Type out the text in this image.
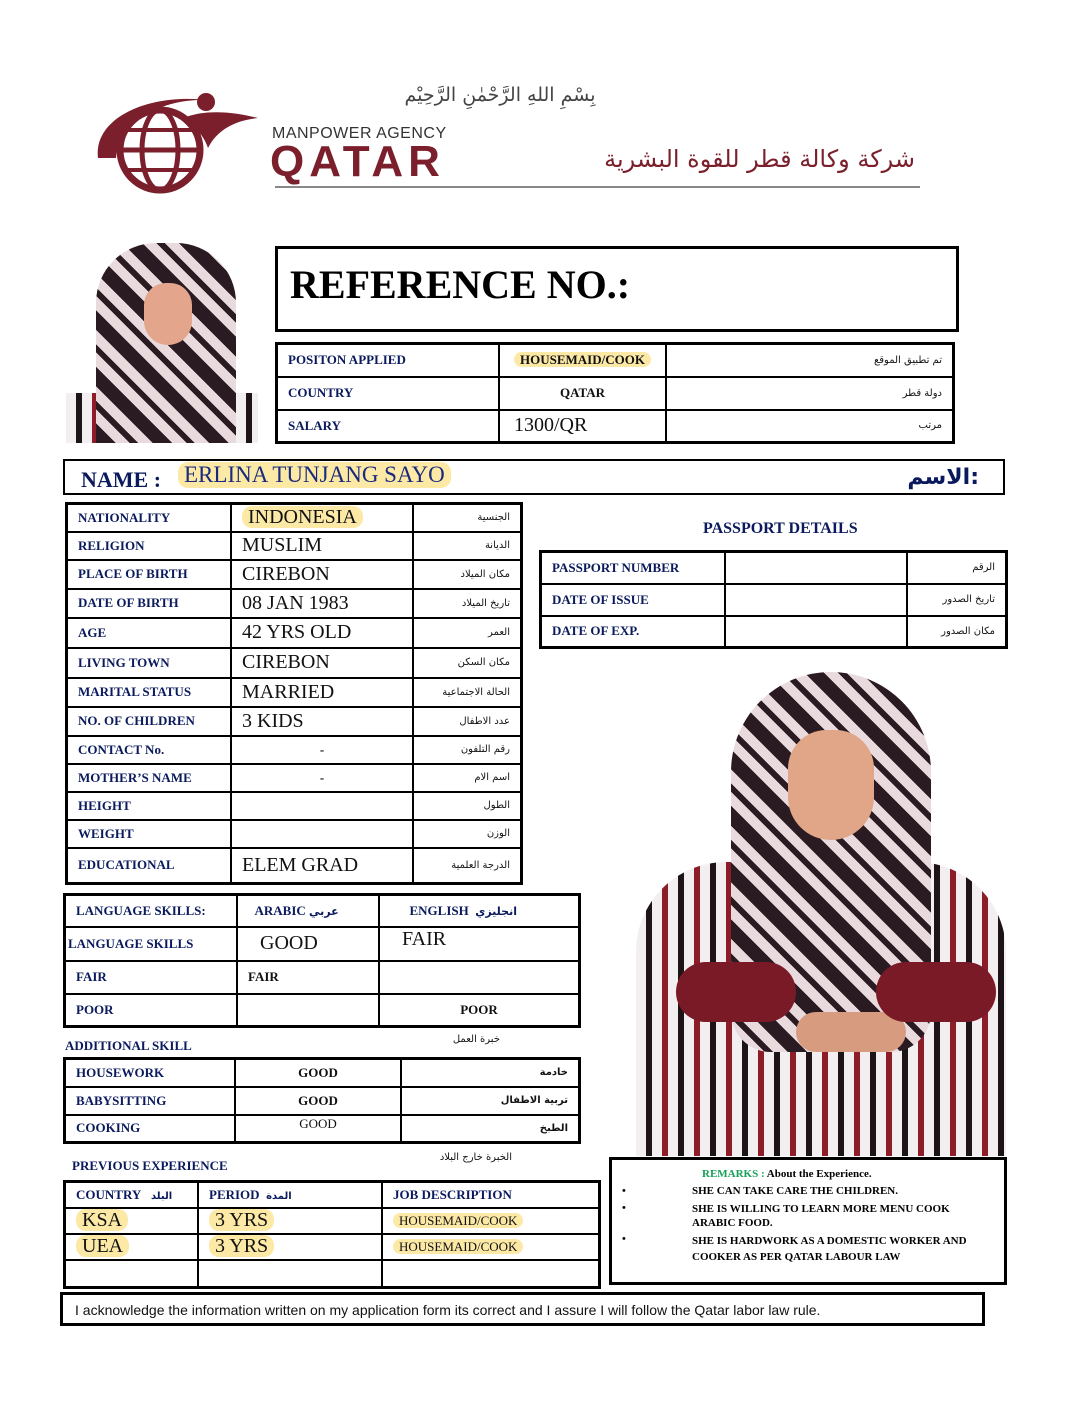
بِسْمِ اللهِ الرَّحْمٰنِ الرَّحِيْم
MANPOWER AGENCY
QATAR	شركة وكالة قطر للقوة البشرية
REFERENCE NO.:
POSITON APPLIED	HOUSEMAID/COOK	تم تطبيق الموقع
COUNTRY	QATAR	دولة قطر
SALARY	1300/QR	مرتب
NAME : ERLINA TUNJANG SAYO	:الاسم
NATIONALITY	INDONESIA	الجنسية
RELIGION	MUSLIM	الديانة
PLACE OF BIRTH	CIREBON	مكان الميلاد
DATE OF BIRTH	08 JAN 1983	تاريخ الميلاد
AGE	42 YRS OLD	العمر
LIVING TOWN	CIREBON	مكان السكن
MARITAL STATUS	MARRIED	الحالة الاجتماعية
NO. OF CHILDREN	3 KIDS	عدد الاطفال
CONTACT No.	-	رقم التلفون
MOTHER’S NAME	-	اسم الام
HEIGHT		الطول
WEIGHT		الوزن
EDUCATIONAL	ELEM GRAD	الدرجة العلمية
PASSPORT DETAILS
PASSPORT NUMBER		الرقم
DATE OF ISSUE		تاريخ الصدور
DATE OF EXP.		مكان الصدور
LANGUAGE SKILLS:	ARABIC عربي	ENGLISH انجليزي
LANGUAGE SKILLS	GOOD	FAIR
FAIR	FAIR	
POOR		POOR
ADDITIONAL SKILL	خبرة العمل
HOUSEWORK	GOOD	خادمة
BABYSITTING	GOOD	تربية الاطفال
COOKING	GOOD	الطبخ
PREVIOUS EXPERIENCE
الخبرة خارج البلاد
COUNTRY البلد	PERIOD المدة	JOB DESCRIPTION
KSA	3 YRS	HOUSEMAID/COOK
UEA	3 YRS	HOUSEMAID/COOK

REMARKS : About the Experience.
•	SHE CAN TAKE CARE THE CHILDREN.
•	SHE IS WILLING TO LEARN MORE MENU COOK ARABIC FOOD.
•	SHE IS HARDWORK AS A DOMESTIC WORKER AND COOKER AS PER QATAR LABOUR LAW
I acknowledge the information written on my application form its correct and I assure I will follow the Qatar labor law rule.
